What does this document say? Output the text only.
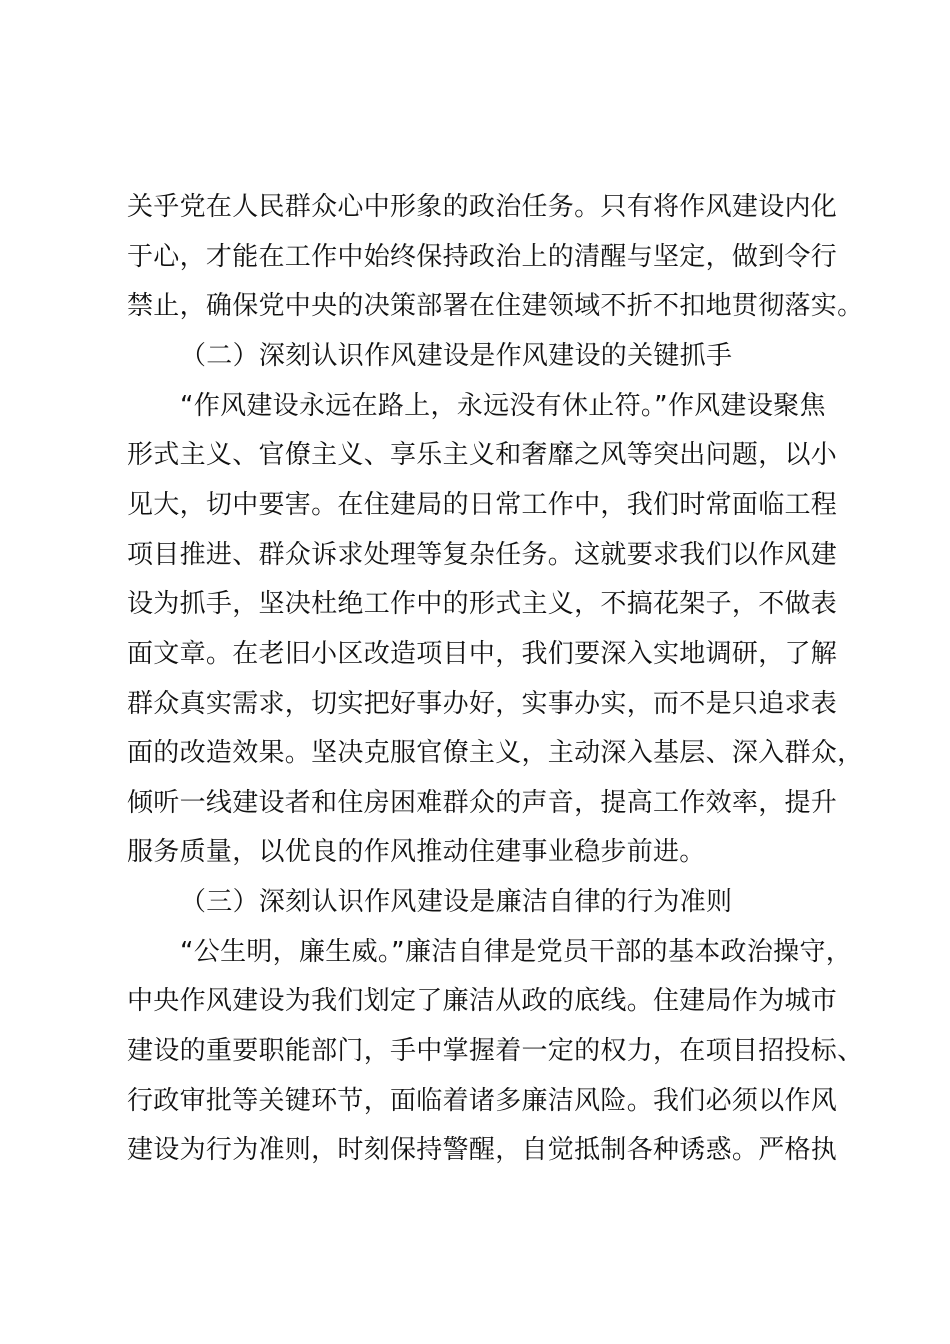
关乎党在人民群众心中形象的政治任务。只有将作风建设内化
于心，才能在工作中始终保持政治上的清醒与坚定，做到令行
禁止，确保党中央的决策部署在住建领域不折不扣地贯彻落实。
（二）深刻认识作风建设是作风建设的关键抓手
“作风建设永远在路上，永远没有休止符。”作风建设聚焦
形式主义、官僚主义、享乐主义和奢靡之风等突出问题，以小
见大，切中要害。在住建局的日常工作中，我们时常面临工程
项目推进、群众诉求处理等复杂任务。这就要求我们以作风建
设为抓手，坚决杜绝工作中的形式主义，不搞花架子，不做表
面文章。在老旧小区改造项目中，我们要深入实地调研，了解
群众真实需求，切实把好事办好，实事办实，而不是只追求表
面的改造效果。坚决克服官僚主义，主动深入基层、深入群众，
倾听一线建设者和住房困难群众的声音，提高工作效率，提升
服务质量，以优良的作风推动住建事业稳步前进。
（三）深刻认识作风建设是廉洁自律的行为准则
“公生明，廉生威。”廉洁自律是党员干部的基本政治操守，
中央作风建设为我们划定了廉洁从政的底线。住建局作为城市
建设的重要职能部门，手中掌握着一定的权力，在项目招投标、
行政审批等关键环节，面临着诸多廉洁风险。我们必须以作风
建设为行为准则，时刻保持警醒，自觉抵制各种诱惑。严格执
